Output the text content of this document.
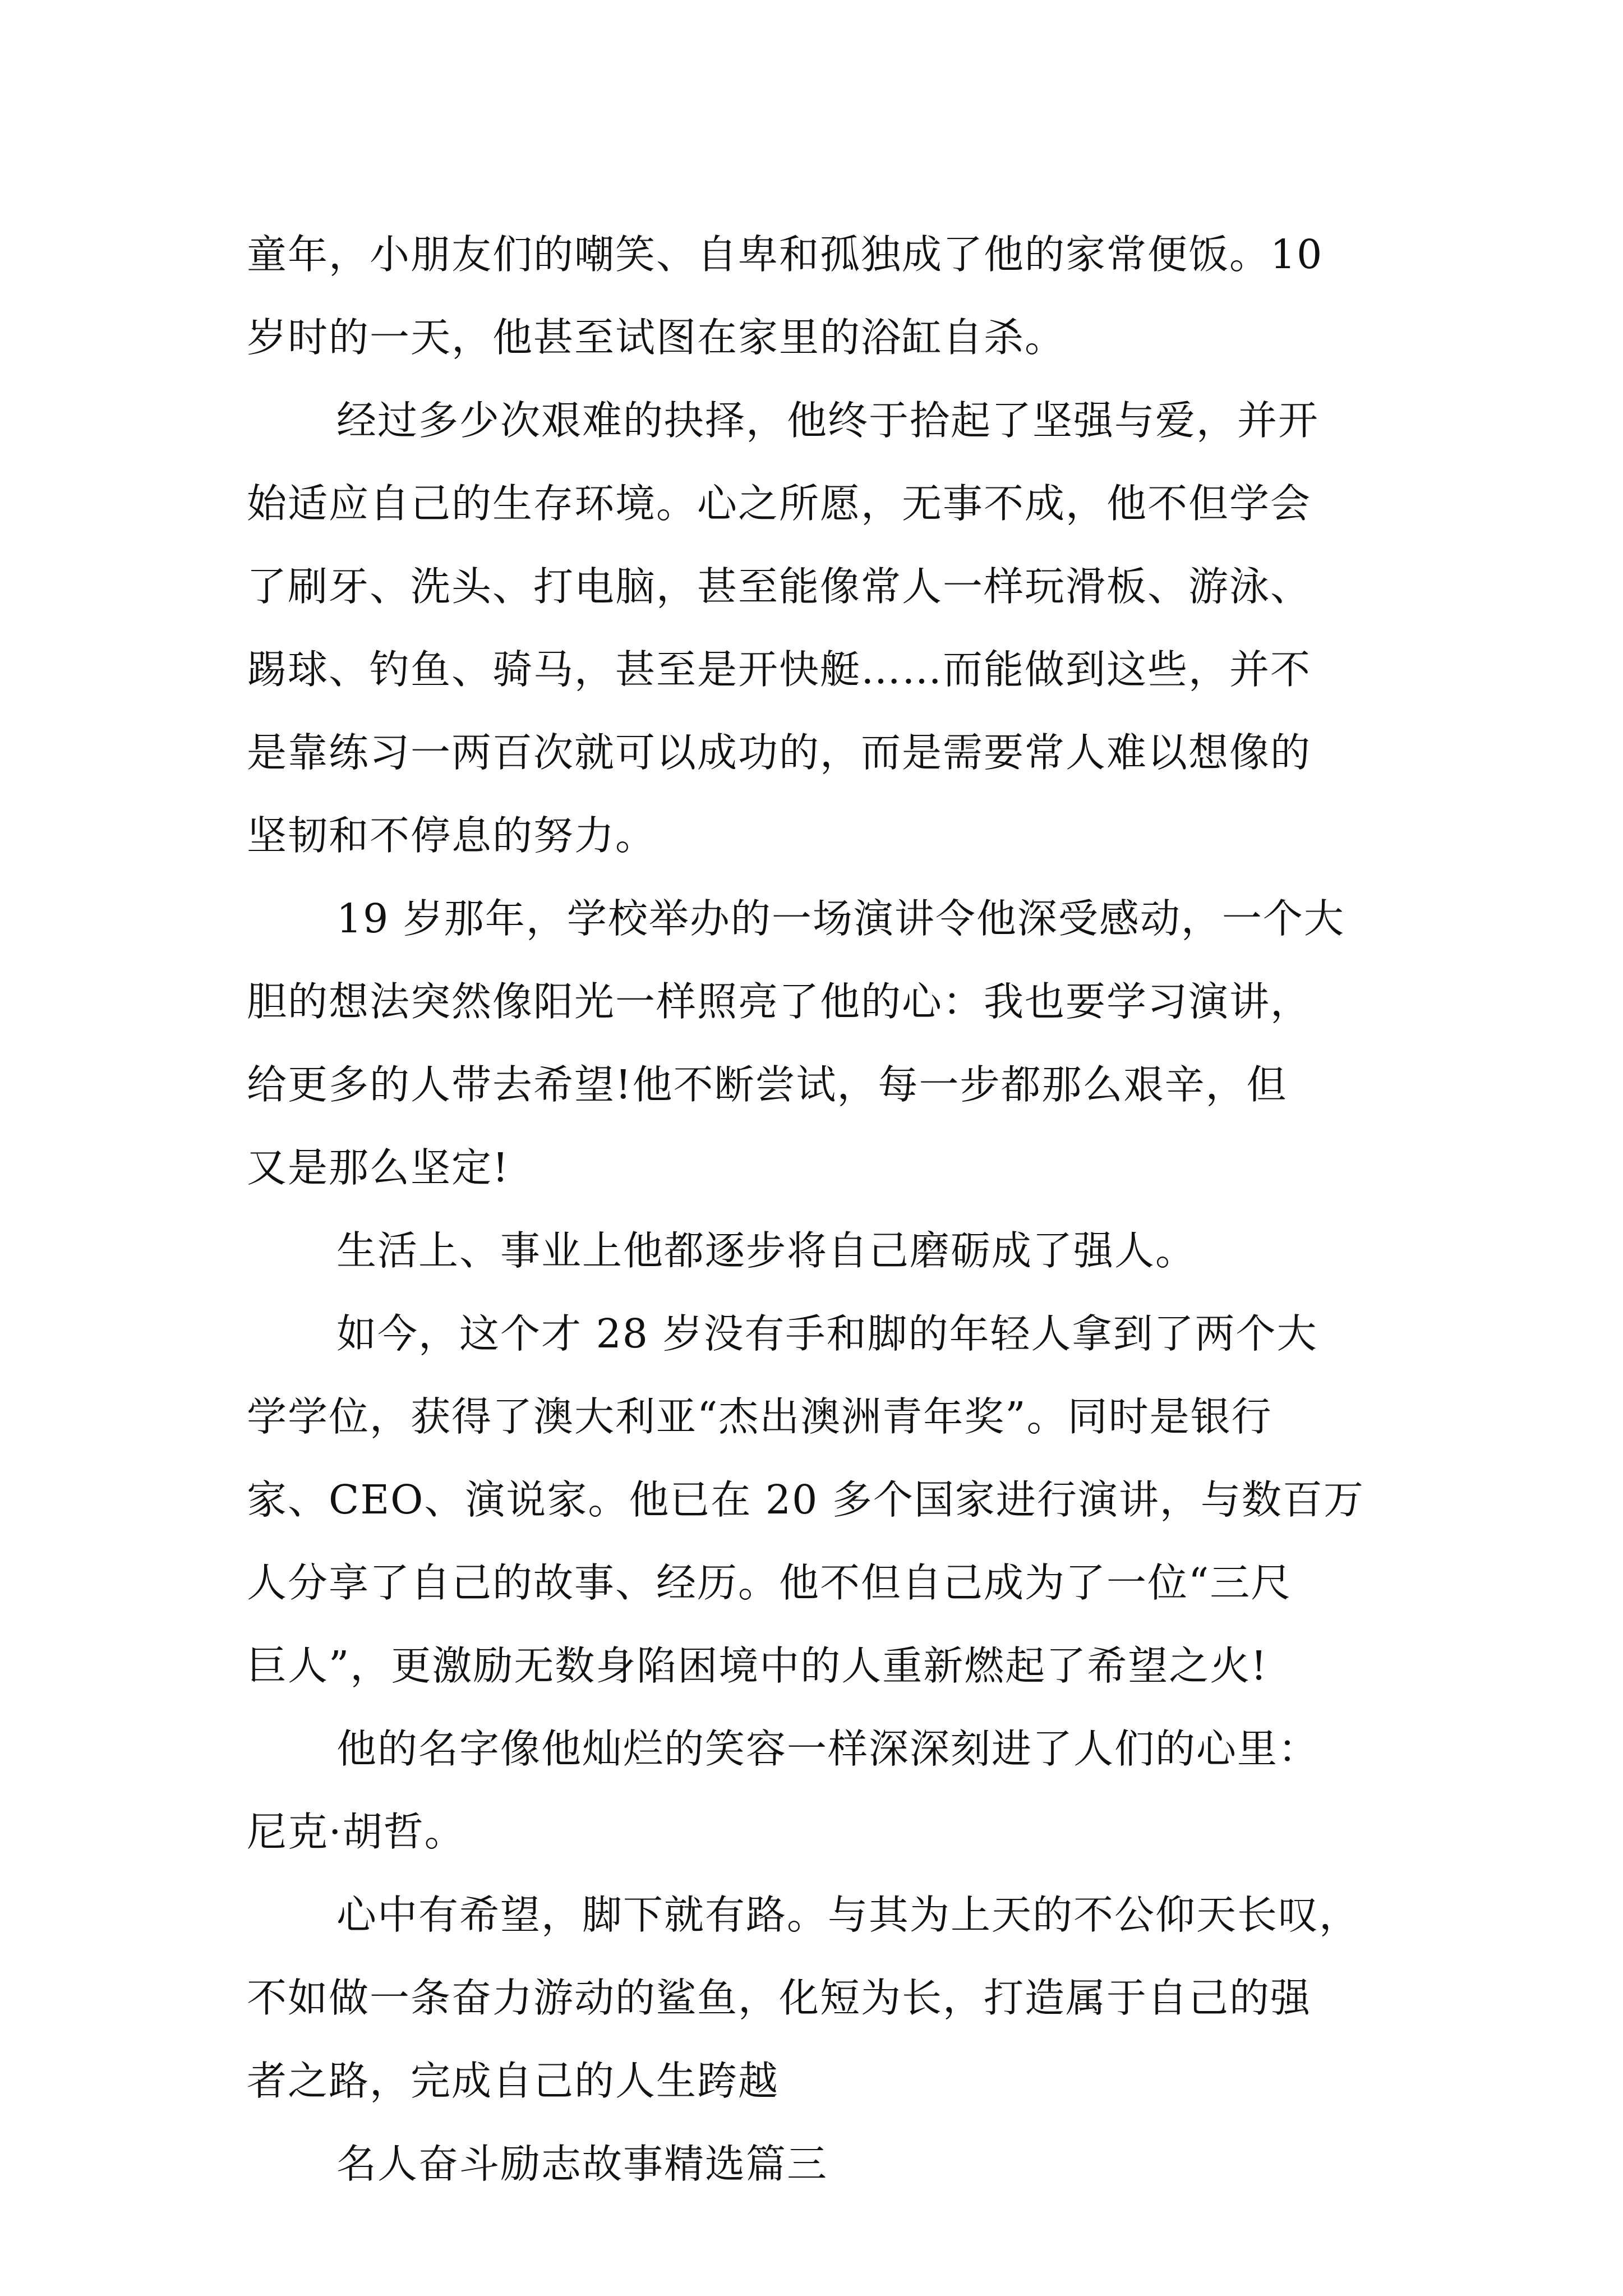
童年，小朋友们的嘲笑、自卑和孤独成了他的家常便饭。10
岁时的一天，他甚至试图在家里的浴缸自杀。
经过多少次艰难的抉择，他终于拾起了坚强与爱，并开
始适应自己的生存环境。心之所愿，无事不成，他不但学会
了刷牙、洗头、打电脑，甚至能像常人一样玩滑板、游泳、
踢球、钓鱼、骑马，甚至是开快艇……而能做到这些，并不
是靠练习一两百次就可以成功的，而是需要常人难以想像的
坚韧和不停息的努力。
19 岁那年，学校举办的一场演讲令他深受感动，一个大
胆的想法突然像阳光一样照亮了他的心：我也要学习演讲，
给更多的人带去希望!他不断尝试，每一步都那么艰辛，但
又是那么坚定!
生活上、事业上他都逐步将自己磨砺成了强人。
如今，这个才 28 岁没有手和脚的年轻人拿到了两个大
学学位，获得了澳大利亚“杰出澳洲青年奖”。同时是银行
家、CEO、演说家。他已在 20 多个国家进行演讲，与数百万
人分享了自己的故事、经历。他不但自己成为了一位“三尺
巨人”，更激励无数身陷困境中的人重新燃起了希望之火!
他的名字像他灿烂的笑容一样深深刻进了人们的心里：
尼克·胡哲。
心中有希望，脚下就有路。与其为上天的不公仰天长叹，
不如做一条奋力游动的鲨鱼，化短为长，打造属于自己的强
者之路，完成自己的人生跨越
名人奋斗励志故事精选篇三
